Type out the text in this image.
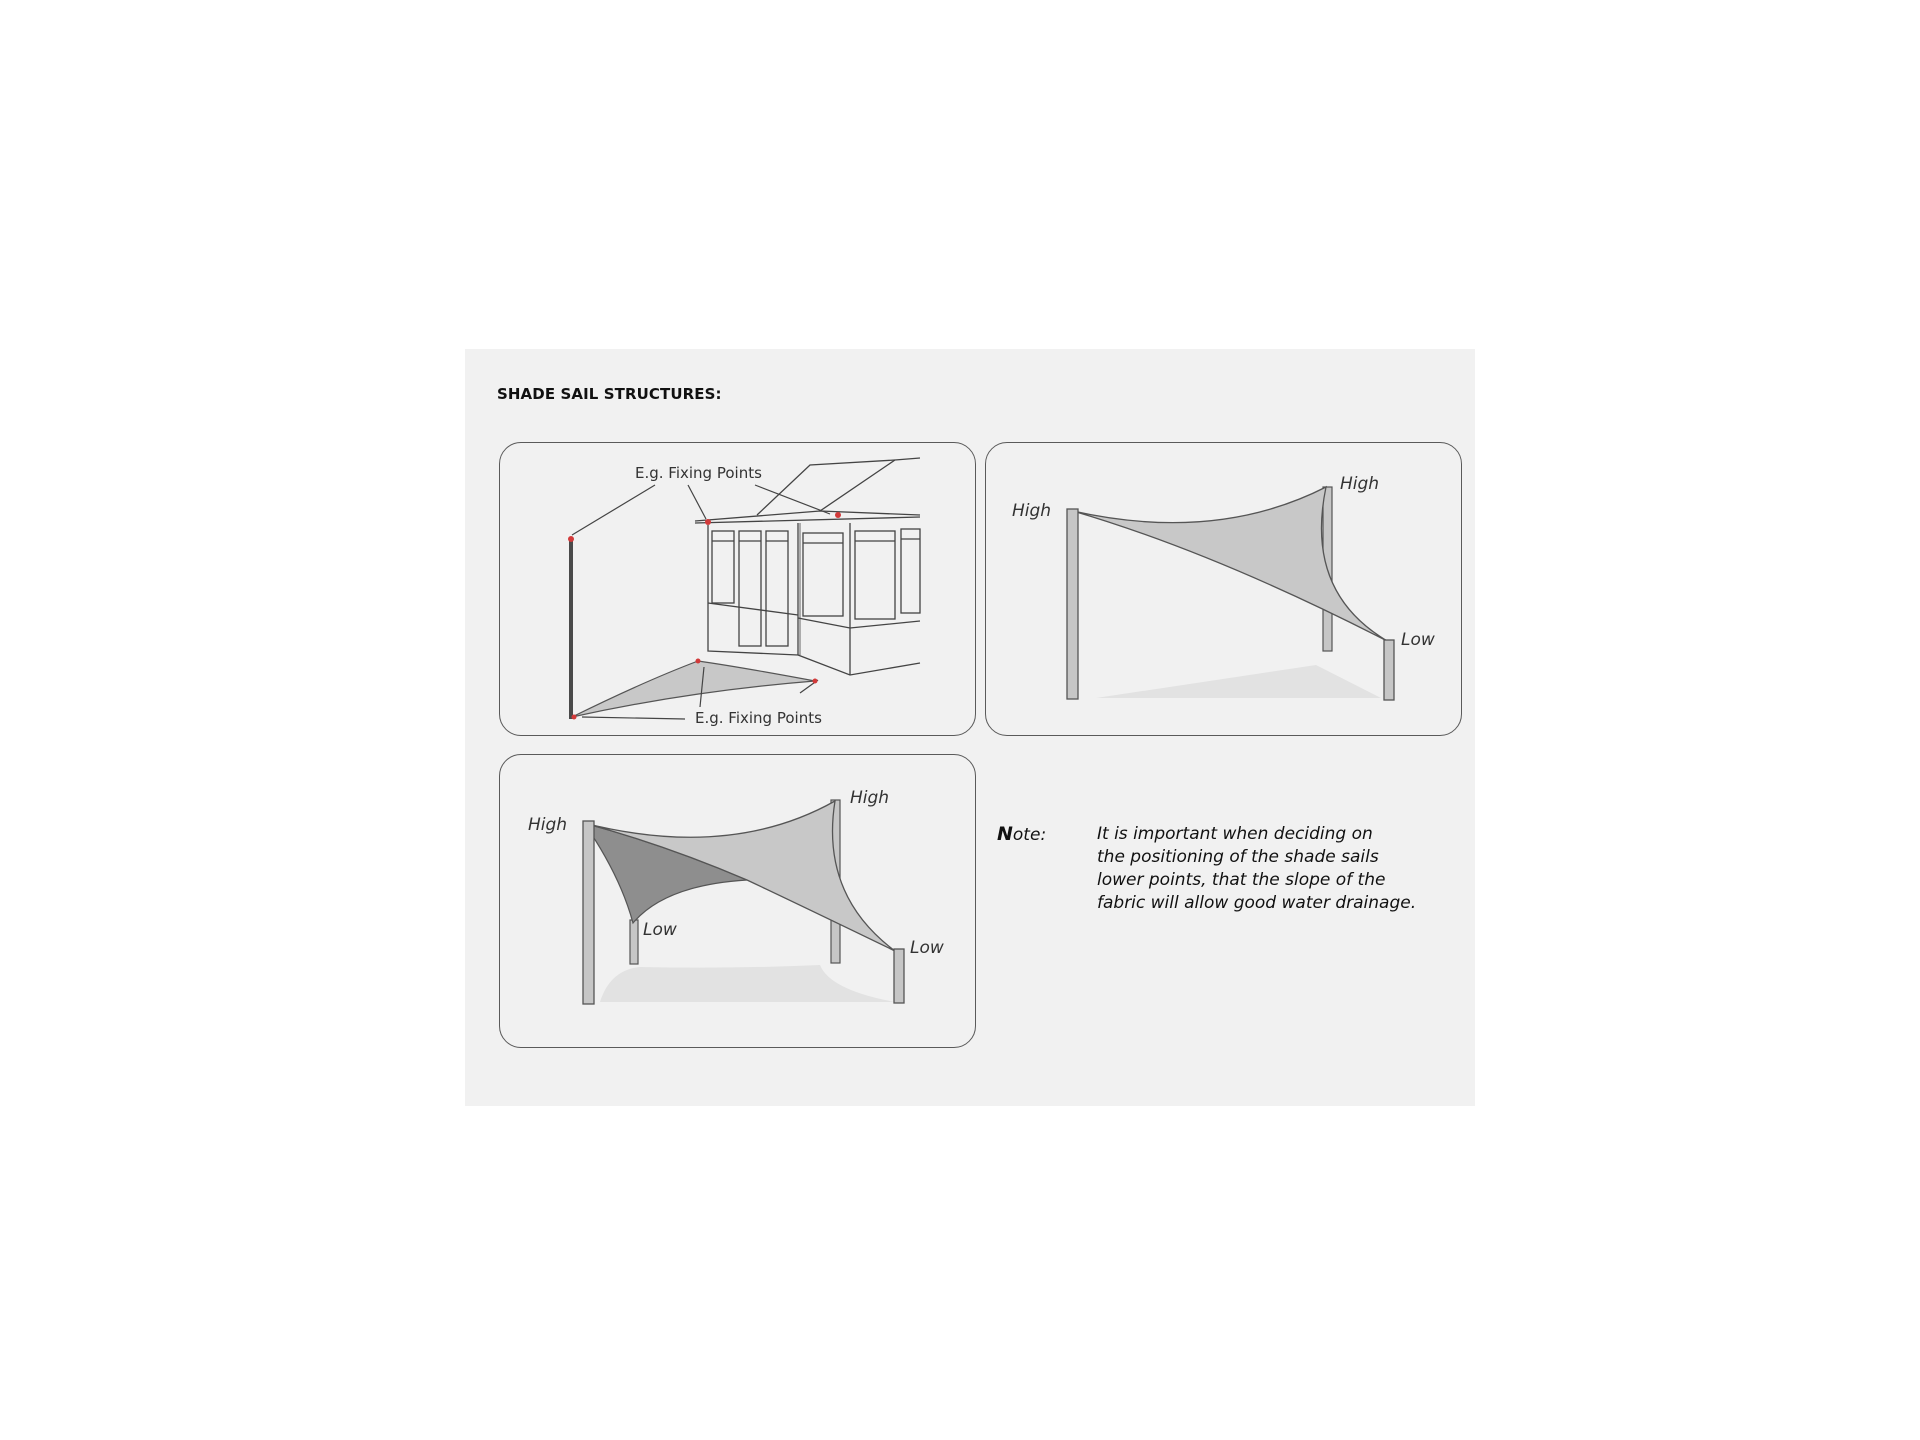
SHADE SAIL STRUCTURES:
E.g. Fixing Points
E.g. Fixing Points
High
High
Low
High
High
Low
Low
Note:	It is important when deciding on
the positioning of the shade sails
lower points, that the slope of the
fabric will allow good water drainage.
